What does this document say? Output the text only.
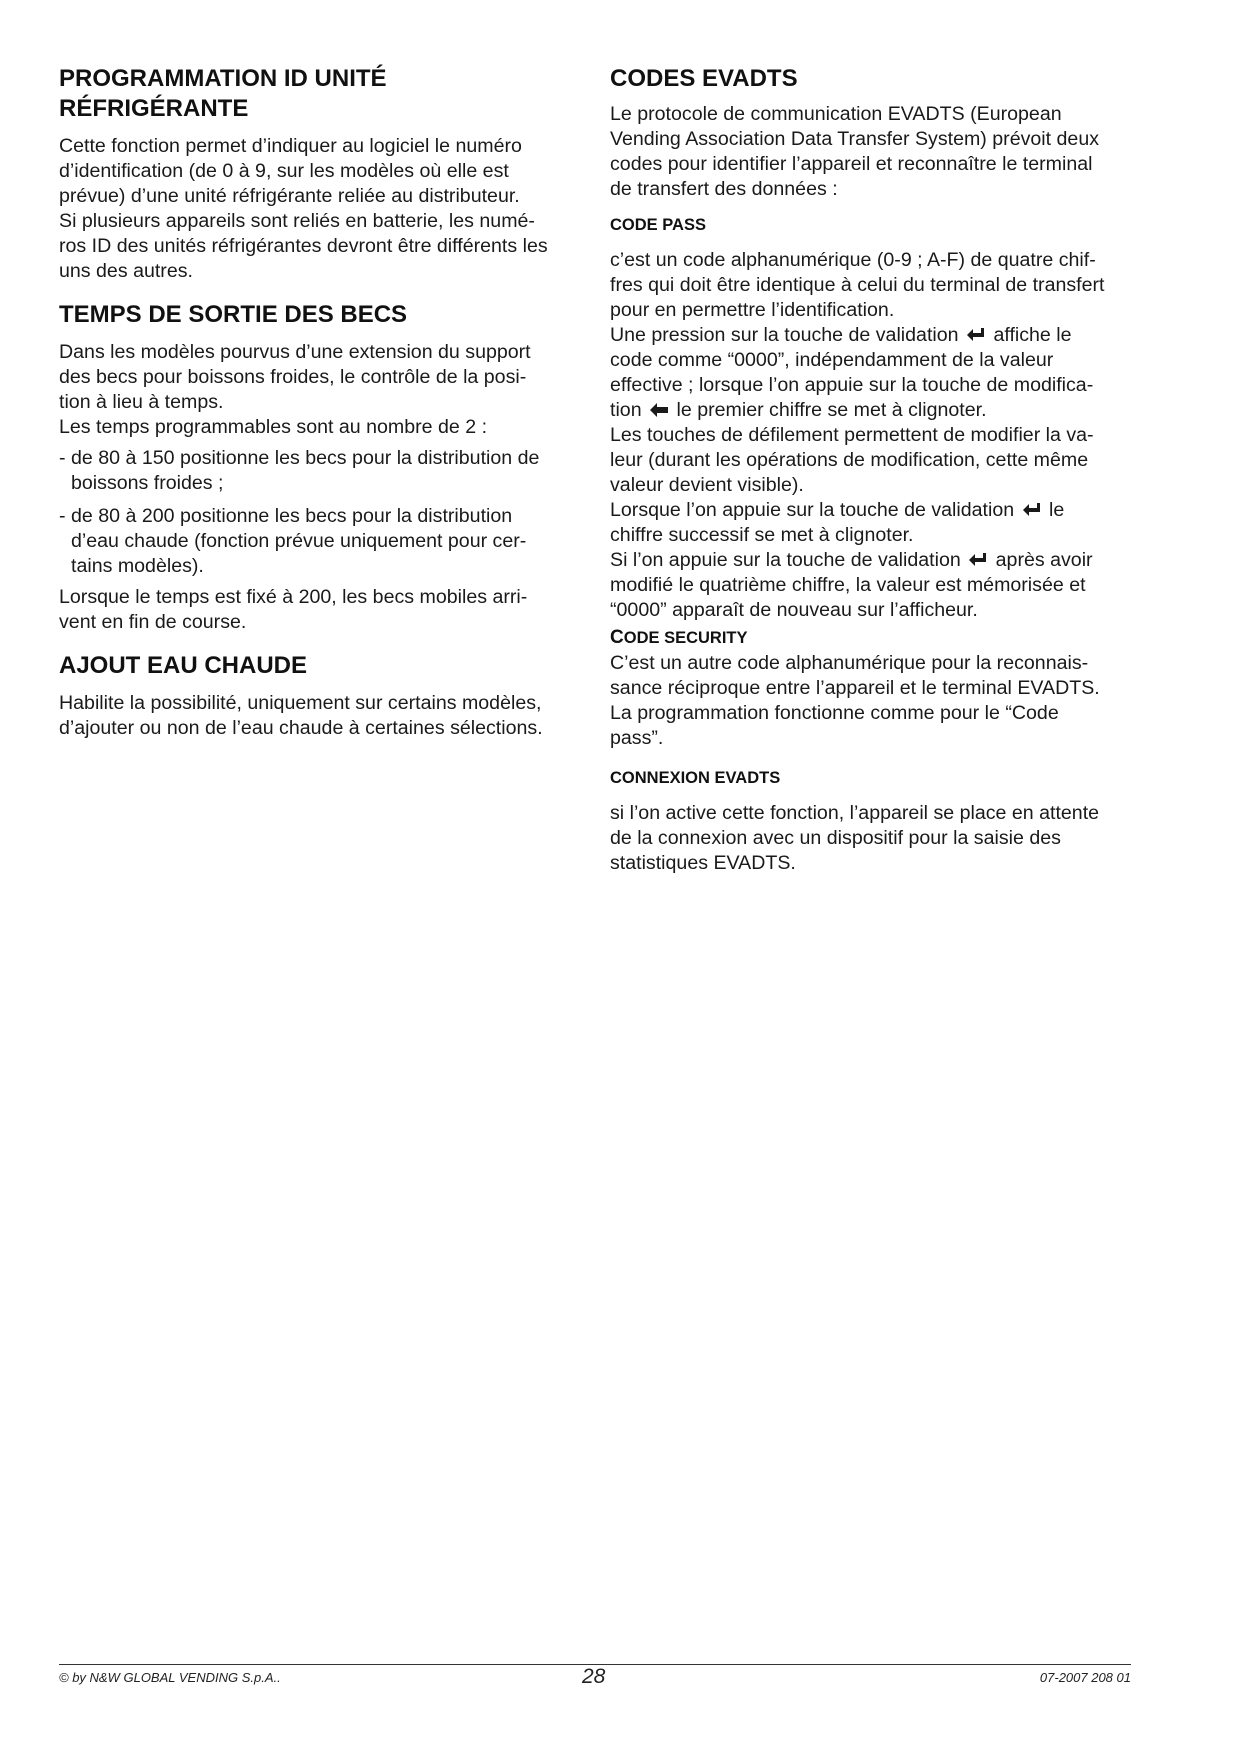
PROGRAMMATION ID UNITÉ
RÉFRIGÉRANTE

Cette fonction permet d’indiquer au logiciel le numéro
d’identification (de 0 à 9, sur les modèles où elle est
prévue) d’une unité réfrigérante reliée au distributeur.
Si plusieurs appareils sont reliés en batterie, les numé-
ros ID des unités réfrigérantes devront être différents les
uns des autres.

TEMPS DE SORTIE DES BECS

Dans les modèles pourvus d’une extension du support
des becs pour boissons froides, le contrôle de la posi-
tion à lieu à temps.
Les temps programmables sont au nombre de 2 :

- de 80 à 150 positionne les becs pour la distribution de
boissons froides ;

- de 80 à 200 positionne les becs pour la distribution
d’eau chaude (fonction prévue uniquement pour cer-
tains modèles).

Lorsque le temps est fixé à 200, les becs mobiles arri-
vent en fin de course.

AJOUT EAU CHAUDE

Habilite la possibilité, uniquement sur certains modèles,
d’ajouter ou non de l’eau chaude à certaines sélections.

CODES EVADTS

Le protocole de communication EVADTS (European
Vending Association Data Transfer System) prévoit deux
codes pour identifier l’appareil et reconnaître le terminal
de transfert des données :

CODE PASS

c’est un code alphanumérique (0-9 ; A-F) de quatre chif-
fres qui doit être identique à celui du terminal de transfert
pour en permettre l’identification.
Une pression sur la touche de validation affiche le
code comme “0000”, indépendamment de la valeur
effective ; lorsque l’on appuie sur la touche de modifica-
tion le premier chiffre se met à clignoter.
Les touches de défilement permettent de modifier la va-
leur (durant les opérations de modification, cette même
valeur devient visible).
Lorsque l’on appuie sur la touche de validation le
chiffre successif se met à clignoter.
Si l’on appuie sur la touche de validation après avoir
modifié le quatrième chiffre, la valeur est mémorisée et
“0000” apparaît de nouveau sur l’afficheur.

CODE SECURITY

C’est un autre code alphanumérique pour la reconnais-
sance réciproque entre l’appareil et le terminal EVADTS.
La programmation fonctionne comme pour le “Code
pass”.

CONNEXION EVADTS

si l’on active cette fonction, l’appareil se place en attente
de la connexion avec un dispositif pour la saisie des
statistiques EVADTS.

© by N&W GLOBAL VENDING S.p.A..	28	07-2007 208 01
